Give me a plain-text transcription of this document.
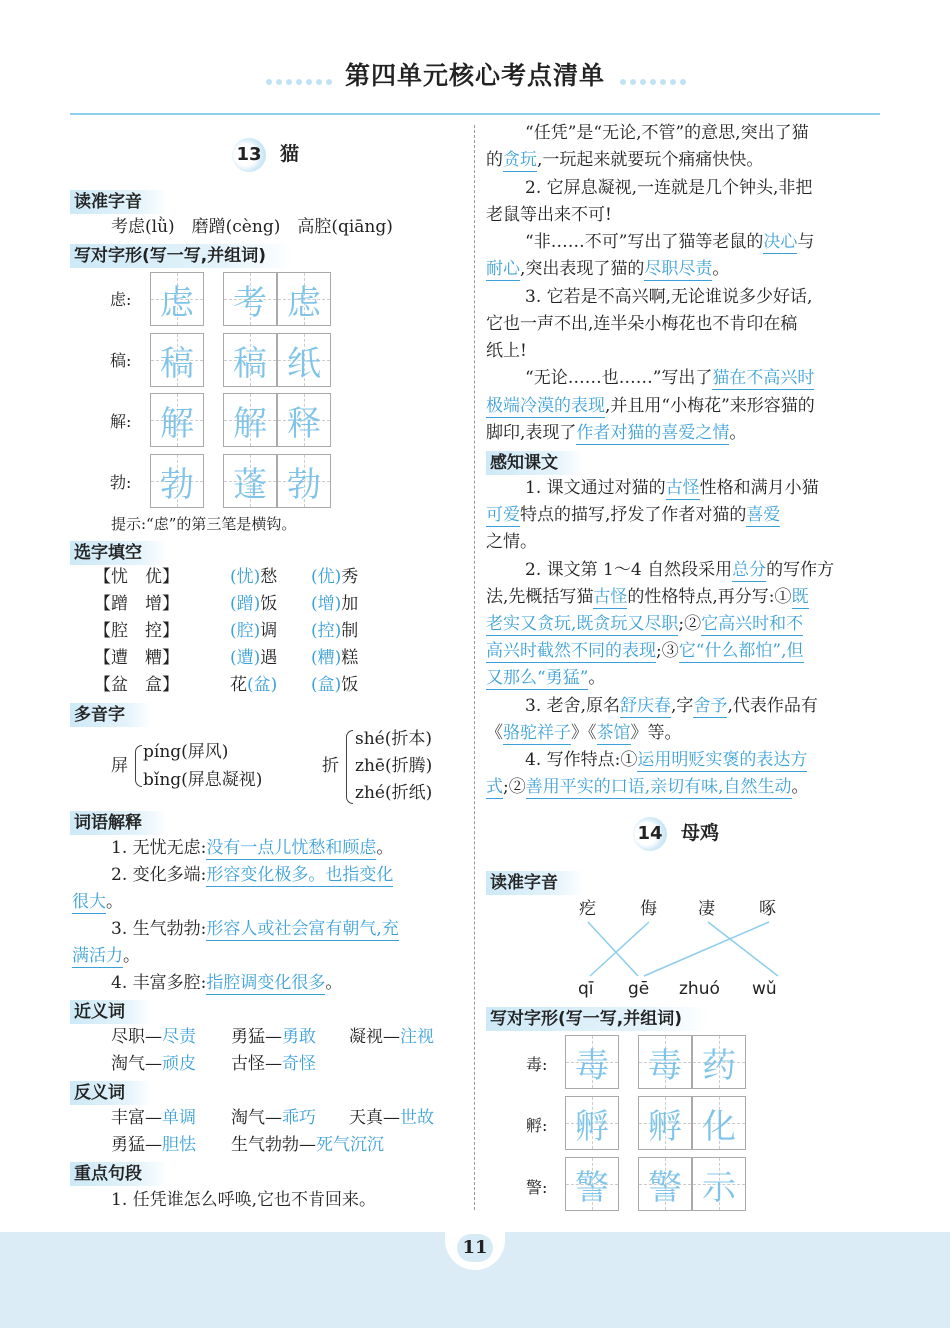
第四单元核心考点清单
13 猫
读准字音
考虑(lǜ)　磨蹭(cèng)　高腔(qiāng)
写对字形(写一写,并组词)
虑: 虑 考 虑
稿: 稿 稿 纸
解: 解 解 释
勃: 勃 蓬 勃
提示:“虑”的第三笔是横钩。
选字填空
【忧　优】	(忧)愁 (优)秀
【蹭　增】	(蹭)饭 (增)加
【腔　控】	(腔)调 (控)制
【遭　糟】	(遭)遇 (糟)糕
【盆　盒】	花(盆) (盒)饭
多音字
屏
píng(屏风)
bǐng(屏息凝视)
折
shé(折本)
zhē(折腾)
zhé(折纸)
词语解释
1. 无忧无虑:没有一点儿忧愁和顾虑。
2. 变化多端:形容变化极多。也指变化
很大。
3. 生气勃勃:形容人或社会富有朝气,充
满活力。
4. 丰富多腔:指腔调变化很多。
近义词
尽职—尽责 勇猛—勇敢 凝视—注视
淘气—顽皮 古怪—奇怪
反义词
丰富—单调 淘气—乖巧 天真—世故
勇猛—胆怯 生气勃勃—死气沉沉
重点句段
1. 任凭谁怎么呼唤,它也不肯回来。
“任凭”是“无论,不管”的意思,突出了猫
的贪玩,一玩起来就要玩个痛痛快快。
2. 它屏息凝视,一连就是几个钟头,非把
老鼠等出来不可!
“非……不可”写出了猫等老鼠的决心与
耐心,突出表现了猫的尽职尽责。
3. 它若是不高兴啊,无论谁说多少好话,
它也一声不出,连半朵小梅花也不肯印在稿
纸上!
“无论……也……”写出了猫在不高兴时
极端冷漠的表现,并且用“小梅花”来形容猫的
脚印,表现了作者对猫的喜爱之情。
感知课文
1. 课文通过对猫的古怪性格和满月小猫
可爱特点的描写,抒发了作者对猫的喜爱
之情。
2. 课文第 1～4 自然段采用总分的写作方
法,先概括写猫古怪的性格特点,再分写:①既
老实又贪玩,既贪玩又尽职;②它高兴时和不
高兴时截然不同的表现;③它“什么都怕”,但
又那么“勇猛”。
3. 老舍,原名舒庆春,字舍予,代表作品有
《骆驼祥子》《茶馆》等。
4. 写作特点:①运用明贬实褒的表达方
式;②善用平实的口语,亲切有味,自然生动。
14 母鸡
读准字音
疙	侮 凄	啄
qī gē zhuó wǔ
写对字形(写一写,并组词)
毒: 毒 毒 药
孵: 孵 孵 化
警: 警 警 示
11
